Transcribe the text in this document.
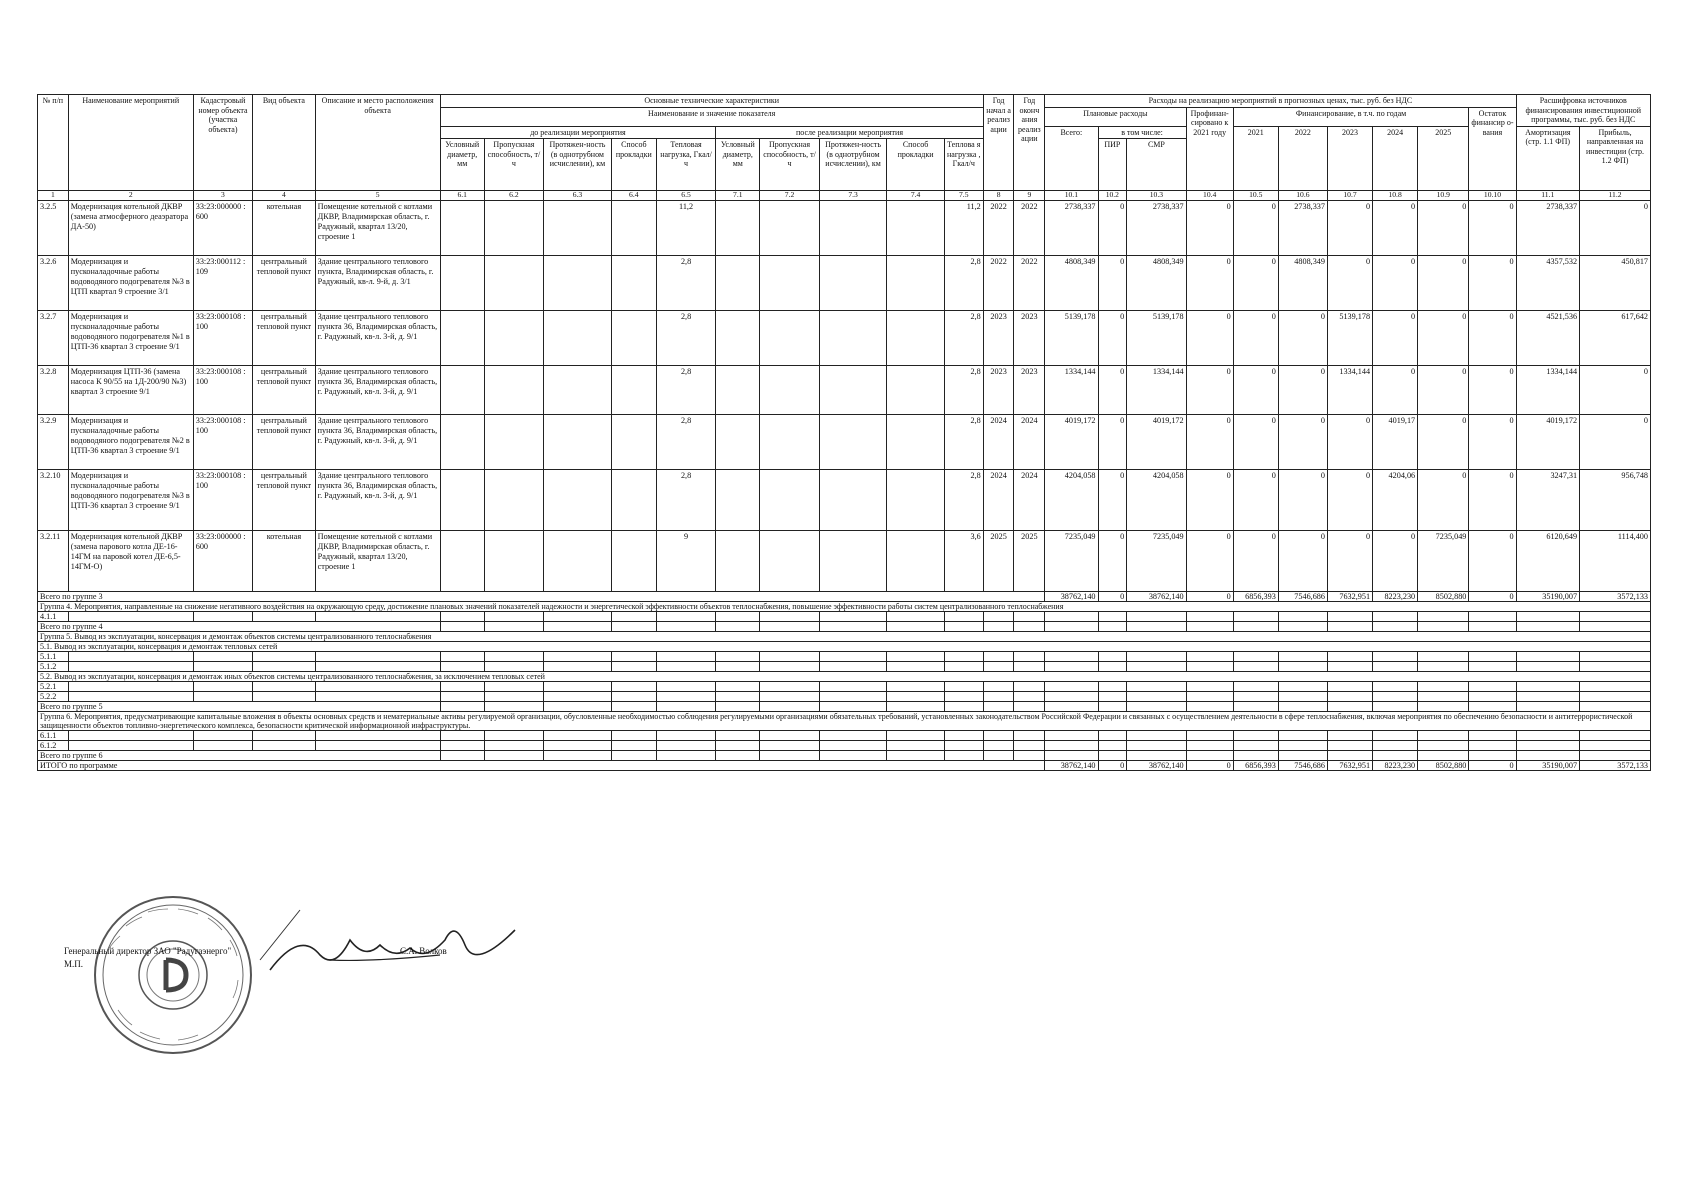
№ п/п	Наименование мероприятий	Кадастровый номер объекта (участка объекта)	Вид объекта	Описание и место расположения объекта	Основные технические характеристики										Год начал а реализ ации	Год оконч ания реализ ации	Расходы на реализацию мероприятий в прогнозных ценах, тыс. руб. без НДС										Расшифровка источников финансирования инвестиционной программы, тыс. руб. без НДС	
					Наименование и значение показателя												Плановые расходы			Профинан-сировано к 2021 году	Финансирование, в т.ч. по годам					Остаток финансир о-вания		
					до реализации мероприятия					после реализации мероприятия							Всего:	в том числе:			2021	2022	2023	2024	2025		Амортизация (стр. 1.1 ФП)	Прибыль, направленная на инвестиции (стр. 1.2 ФП)
					Условный диаметр, мм	Пропускная способность, т/ч	Протяжен-ность (в однотрубном исчислении), км	Способ прокладки	Тепловая нагрузка, Гкал/ч	Условный диаметр, мм	Пропускная способность, т/ч	Протяжен-ность (в однотрубном исчислении), км	Способ прокладки	Теплова я нагрузка , Гкал/ч				ПИР	СМР									
1	2	3	4	5	6.1	6.2	6.3	6.4	6.5	7.1	7.2	7.3	7.4	7.5	8	9	10.1	10.2	10.3	10.4	10.5	10.6	10.7	10.8	10.9	10.10	11.1	11.2
3.2.5	Модернизация котельной ДКВР (замена атмосферного деаэратора ДА-50)	33:23:000000 : 600	котельная	Помещение котельной с котлами ДКВР, Владимирская область, г. Радужный, квартал 13/20, строение 1					11,2					11,2	2022	2022	2738,337	0	2738,337	0	0	2738,337	0	0	0	0	2738,337	0
3.2.6	Модернизация и пусконаладочные работы водоводяного подогревателя №3 в ЦТП квартал 9 строение 3/1	33:23:000112 : 109	центральный тепловой пункт	Здание центрального теплового пункта, Владимирская область, г. Радужный, кв-л. 9-й, д. 3/1					2,8					2,8	2022	2022	4808,349	0	4808,349	0	0	4808,349	0	0	0	0	4357,532	450,817
3.2.7	Модернизация и пусконаладочные работы водоводяного подогревателя №1 в ЦТП-36 квартал 3 строение 9/1	33:23:000108 : 100	центральный тепловой пункт	Здание центрального теплового пункта 36, Владимирская область, г. Радужный, кв-л. 3-й, д. 9/1					2,8					2,8	2023	2023	5139,178	0	5139,178	0	0	0	5139,178	0	0	0	4521,536	617,642
3.2.8	Модернизация ЦТП-36 (замена насоса К 90/55 на 1Д-200/90 №3) квартал 3 строение 9/1	33:23:000108 : 100	центральный тепловой пункт	Здание центрального теплового пункта 36, Владимирская область, г. Радужный, кв-л. 3-й, д. 9/1					2,8					2,8	2023	2023	1334,144	0	1334,144	0	0	0	1334,144	0	0	0	1334,144	0
3.2.9	Модернизация и пусконаладочные работы водоводяного подогревателя №2 в ЦТП-36 квартал 3 строение 9/1	33:23:000108 : 100	центральный тепловой пункт	Здание центрального теплового пункта 36, Владимирская область, г. Радужный, кв-л. 3-й, д. 9/1					2,8					2,8	2024	2024	4019,172	0	4019,172	0	0	0	0	4019,17	0	0	4019,172	0
3.2.10	Модернизация и пусконаладочные работы водоводяного подогревателя №3 в ЦТП-36 квартал 3 строение 9/1	33:23:000108 : 100	центральный тепловой пункт	Здание центрального теплового пункта 36, Владимирская область, г. Радужный, кв-л. 3-й, д. 9/1					2,8					2,8	2024	2024	4204,058	0	4204,058	0	0	0	0	4204,06	0	0	3247,31	956,748
3.2.11	Модернизация котельной ДКВР (замена парового котла ДЕ-16-14ГМ на паровой котел ДЕ-6,5-14ГМ-О)	33:23:000000 : 600	котельная	Помещение котельной с котлами ДКВР, Владимирская область, г. Радужный, квартал 13/20, строение 1					9					3,6	2025	2025	7235,049	0	7235,049	0	0	0	0	0	7235,049	0	6120,649	1114,400
Всего по группе 3																	38762,140	0	38762,140	0	6856,393	7546,686	7632,951	8223,230	8502,880	0	35190,007	3572,133
Группа 4. Мероприятия, направленные на снижение негативного воздействия на окружающую среду, достижение плановых значений показателей надежности и энергетической эффективности объектов теплоснабжения, повышение эффективности работы систем централизованного теплоснабжения																												
4.1.1																												
Всего по группе 4																												
Группа 5. Вывод из эксплуатации, консервация и демонтаж объектов системы централизованного теплоснабжения																												
5.1. Вывод из эксплуатации, консервация и демонтаж тепловых сетей																												
5.1.1																												
5.1.2																												
5.2. Вывод из эксплуатации, консервация и демонтаж иных объектов системы централизованного теплоснабжения, за исключением тепловых сетей																												
5.2.1																												
5.2.2																												
Всего по группе 5																												
Группа 6. Мероприятия, предусматривающие капитальные вложения в объекты основных средств и нематериальные активы регулируемой организации, обусловленные необходимостью соблюдения регулируемыми организациями обязательных требований, установленных законодательством Российской Федерации и связанных с осуществлением деятельности в сфере теплоснабжения, включая мероприятия по обеспечению безопасности и антитеррористической защищенности объектов топливно-энергетического комплекса, безопасности критической информационной инфраструктуры.																												
6.1.1																												
6.1.2																												
Всего по группе 6																												
ИТОГО по программе																	38762,140	0	38762,140	0	6856,393	7546,686	7632,951	8223,230	8502,880	0	35190,007	3572,133
Генеральный директор ЗАО "Радугаэнерго"	С.А. Волков
М.П.
